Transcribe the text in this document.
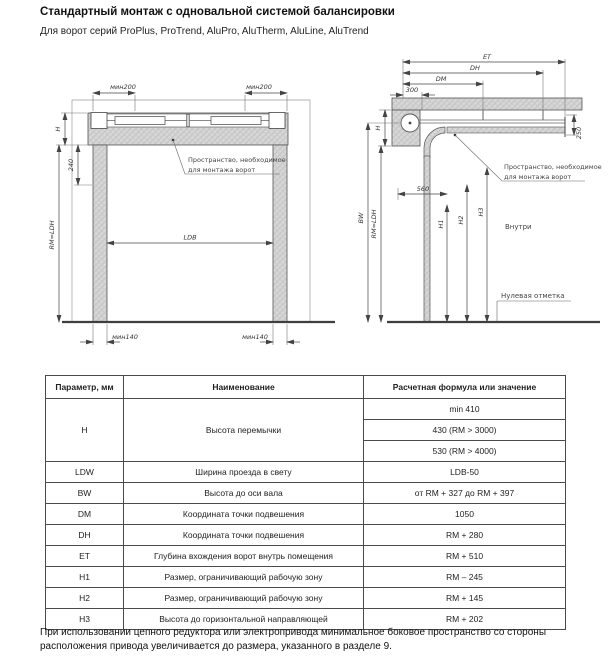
Стандартный монтаж с одновальной системой балансировки
Для ворот серий ProPlus, ProTrend, AluPro, AluTherm, AluLine, AluTrend
мин200	мин200
H
240
RM=LDH	LDB
мин140	мин140
Пространство, необходимое
для монтажа ворот
ET
DH
DM
300
H
BW RM=LDH
250
560
H1 H2
H3
Пространство, необходимое
для монтажа ворот
Внутри
Нулевая отметка
Параметр, мм	Наименование	Расчетная формула или значение
H	Высота перемычки	min 410
		430 (RM > 3000)
		530 (RM > 4000)
LDW	Ширина проезда в свету	LDB-50
BW	Высота до оси вала	от RM + 327 до RM + 397
DM	Координата точки подвешения	1050
DH	Координата точки подвешения	RM + 280
ET	Глубина вхождения ворот внутрь помещения	RM + 510
H1	Размер, ограничивающий рабочую зону	RM – 245
H2	Размер, ограничивающий рабочую зону	RM + 145
H3	Высота до горизонтальной направляющей	RM + 202
При использовании цепного редуктора или электропривода минимальное боковое пространство со стороны расположения привода увеличивается до размера, указанного в разделе 9.
